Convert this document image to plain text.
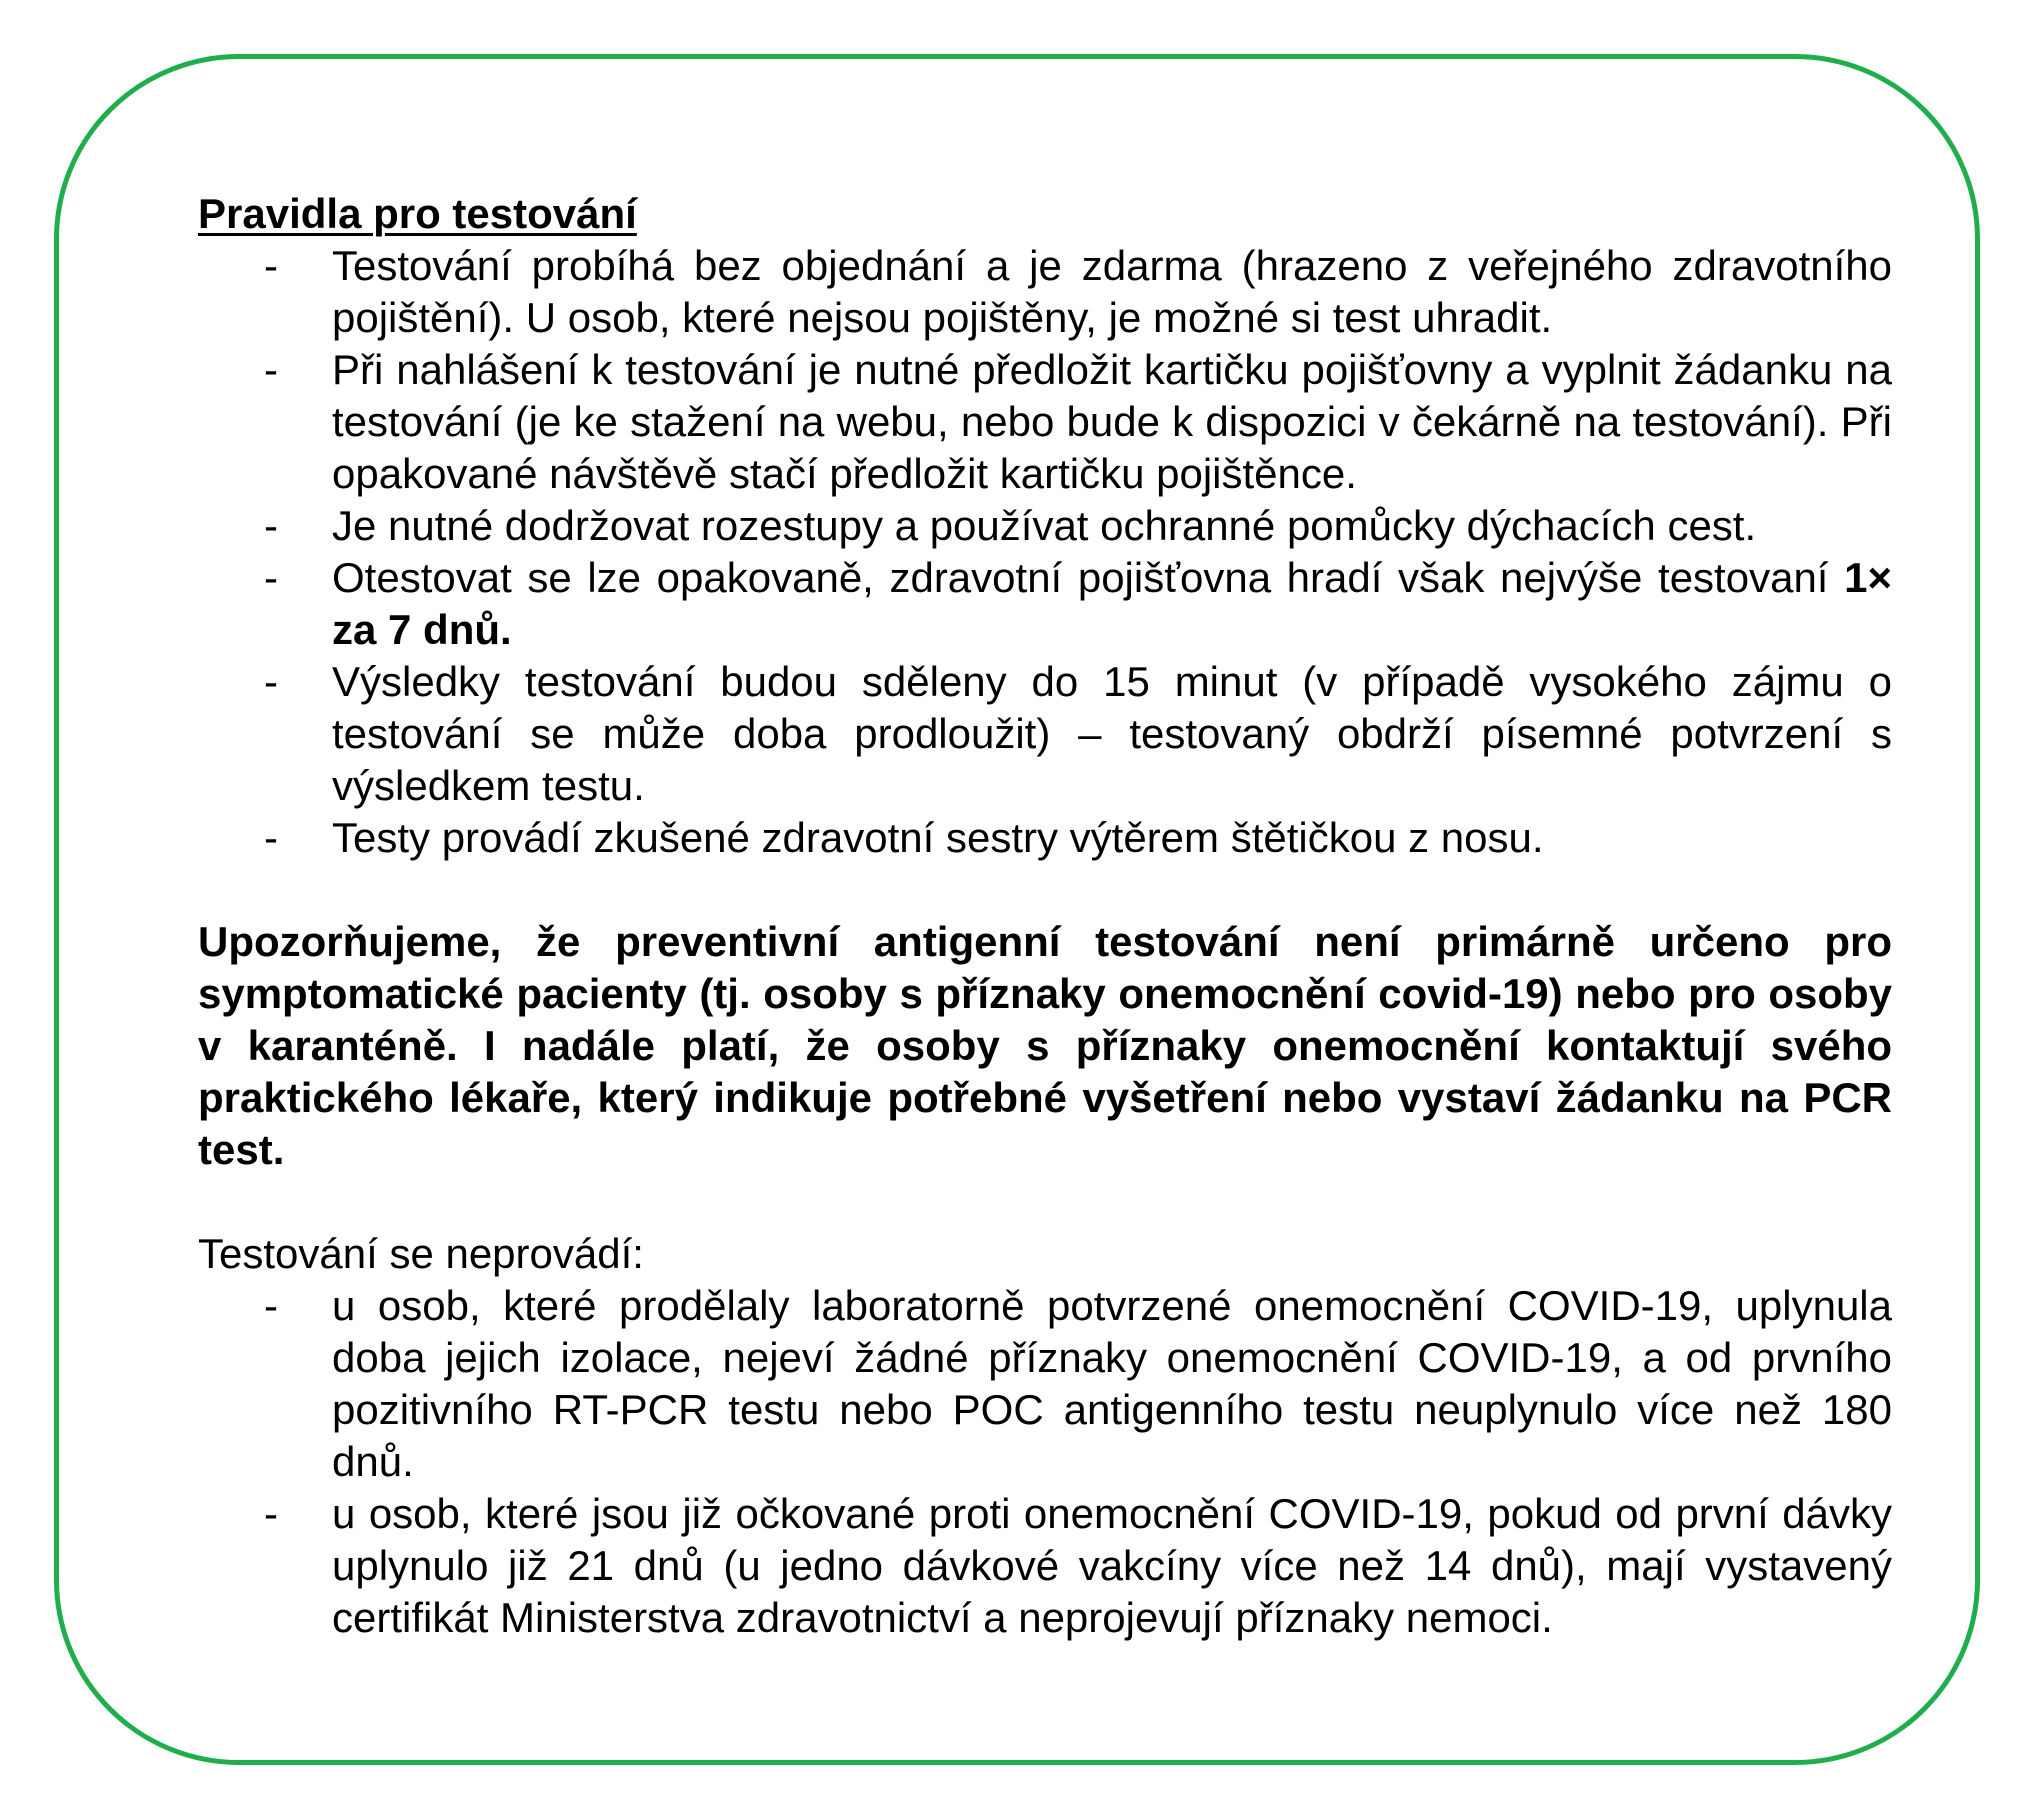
Pravidla pro testování

- Testování probíhá bez objednání a je zdarma (hrazeno z veřejného zdravotního pojištění). U osob, které nejsou pojištěny, je možné si test uhradit.
- Při nahlášení k testování je nutné předložit kartičku pojišťovny a vyplnit žádanku na testování (je ke stažení na webu, nebo bude k dispozici v čekárně na testování). Při opakované návštěvě stačí předložit kartičku pojištěnce.
- Je nutné dodržovat rozestupy a používat ochranné pomůcky dýchacích cest.
- Otestovat se lze opakovaně, zdravotní pojišťovna hradí však nejvýše testovaní 1× za 7 dnů.
- Výsledky testování budou sděleny do 15 minut (v případě vysokého zájmu o testování se může doba prodloužit) – testovaný obdrží písemné potvrzení s výsledkem testu.
- Testy provádí zkušené zdravotní sestry výtěrem štětičkou z nosu.

Upozorňujeme, že preventivní antigenní testování není primárně určeno pro symptomatické pacienty (tj. osoby s příznaky onemocnění covid-19) nebo pro osoby v karanténě. I nadále platí, že osoby s příznaky onemocnění kontaktují svého praktického lékaře, který indikuje potřebné vyšetření nebo vystaví žádanku na PCR test.

Testování se neprovádí:

- u osob, které prodělaly laboratorně potvrzené onemocnění COVID-19, uplynula doba jejich izolace, nejeví žádné příznaky onemocnění COVID-19, a od prvního pozitivního RT-PCR testu nebo POC antigenního testu neuplynulo více než 180 dnů.
- u osob, které jsou již očkované proti onemocnění COVID-19, pokud od první dávky uplynulo již 21 dnů (u jedno dávkové vakcíny více než 14 dnů), mají vystavený certifikát Ministerstva zdravotnictví a neprojevují příznaky nemoci.
